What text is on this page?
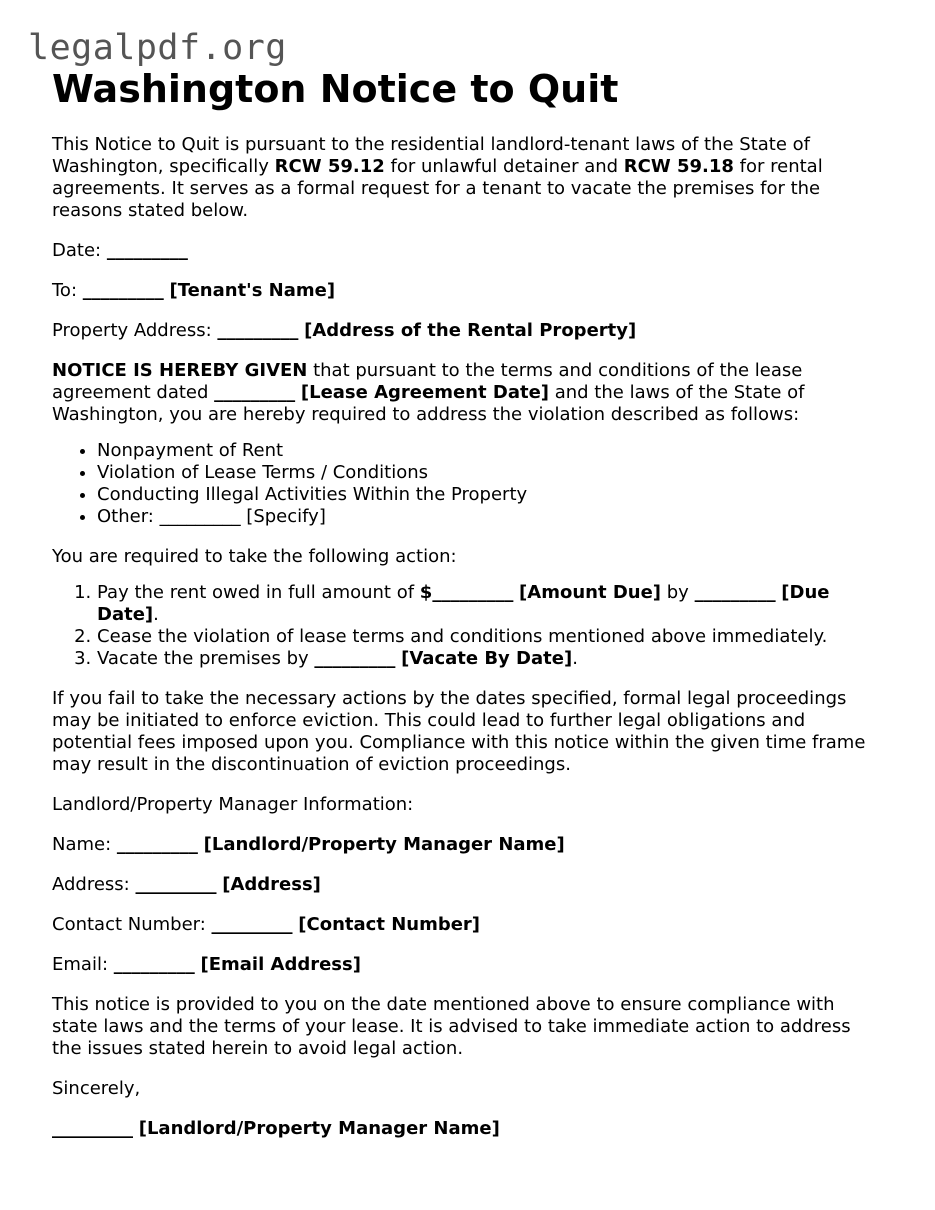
legalpdf.org
Washington Notice to Quit

This Notice to Quit is pursuant to the residential landlord-tenant laws of the State of Washington, specifically RCW 59.12 for unlawful detainer and RCW 59.18 for rental agreements. It serves as a formal request for a tenant to vacate the premises for the reasons stated below.

Date: _________

To: _________ [Tenant's Name]

Property Address: _________ [Address of the Rental Property]

NOTICE IS HEREBY GIVEN that pursuant to the terms and conditions of the lease agreement dated _________ [Lease Agreement Date] and the laws of the State of Washington, you are hereby required to address the violation described as follows:

• Nonpayment of Rent
• Violation of Lease Terms / Conditions
• Conducting Illegal Activities Within the Property
• Other: _________ [Specify]

You are required to take the following action:

1. Pay the rent owed in full amount of $_________ [Amount Due] by _________ [Due Date].
2. Cease the violation of lease terms and conditions mentioned above immediately.
3. Vacate the premises by _________ [Vacate By Date].

If you fail to take the necessary actions by the dates specified, formal legal proceedings may be initiated to enforce eviction. This could lead to further legal obligations and potential fees imposed upon you. Compliance with this notice within the given time frame may result in the discontinuation of eviction proceedings.

Landlord/Property Manager Information:

Name: _________ [Landlord/Property Manager Name]

Address: _________ [Address]

Contact Number: _________ [Contact Number]

Email: _________ [Email Address]

This notice is provided to you on the date mentioned above to ensure compliance with state laws and the terms of your lease. It is advised to take immediate action to address the issues stated herein to avoid legal action.

Sincerely,

_________ [Landlord/Property Manager Name]
